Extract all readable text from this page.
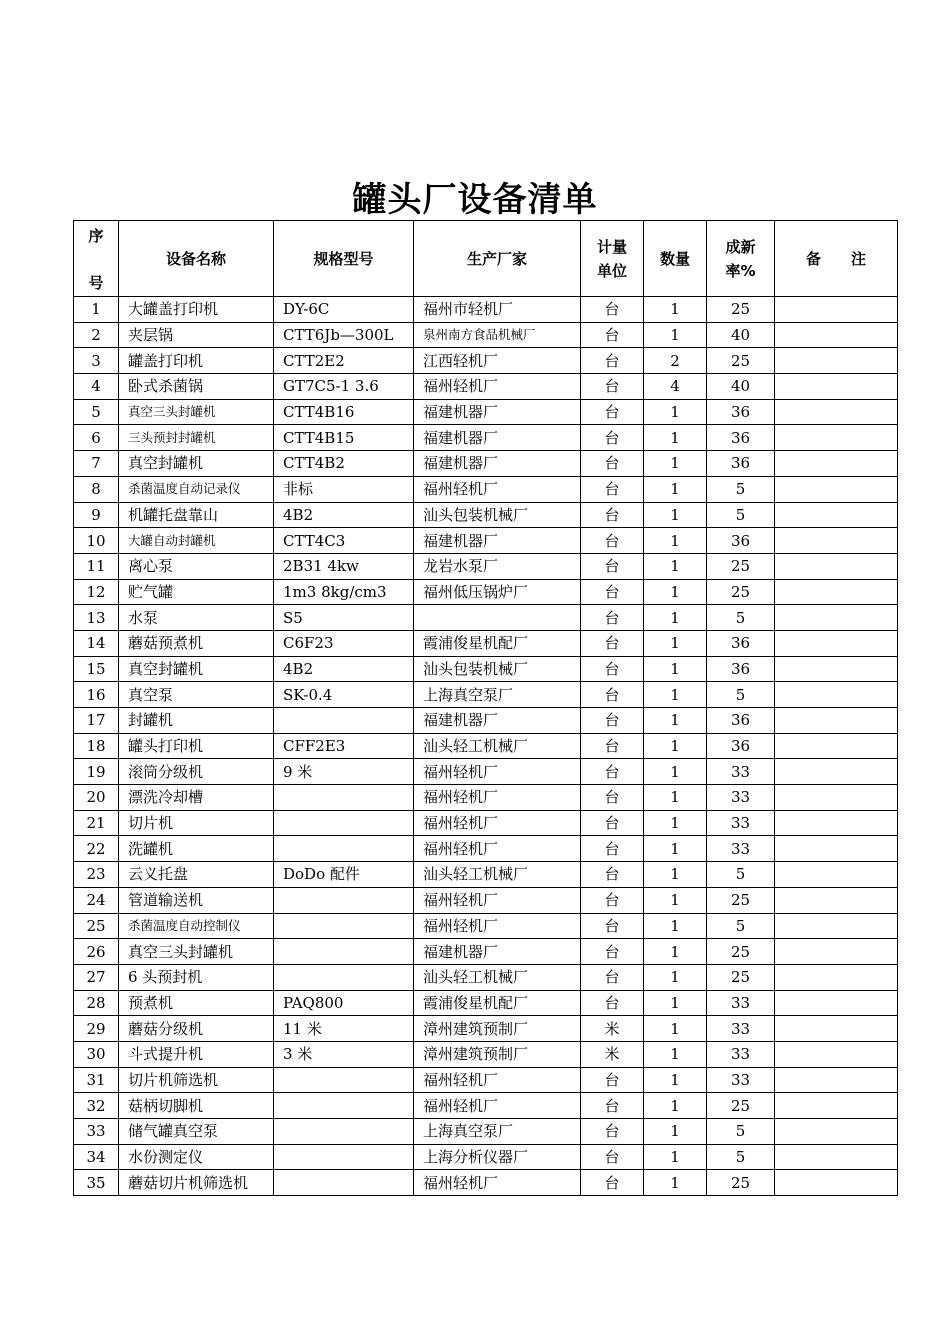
罐头厂设备清单
序
号	设备名称	规格型号	生产厂家	计量单位	数量	成新率%	备　　注
1	大罐盖打印机	DY-6C	福州市轻机厂	台	1	25	
2	夹层锅	CTT6Jb—300L	泉州南方食品机械厂	台	1	40	
3	罐盖打印机	CTT2E2	江西轻机厂	台	2	25	
4	卧式杀菌锅	GT7C5-1 3.6	福州轻机厂	台	4	40	
5	真空三头封罐机	CTT4B16	福建机器厂	台	1	36	
6	三头预封封罐机	CTT4B15	福建机器厂	台	1	36	
7	真空封罐机	CTT4B2	福建机器厂	台	1	36	
8	杀菌温度自动记录仪	非标	福州轻机厂	台	1	5	
9	机罐托盘靠山	4B2	汕头包装机械厂	台	1	5	
10	大罐自动封罐机	CTT4C3	福建机器厂	台	1	36	
11	离心泵	2B31 4kw	龙岩水泵厂	台	1	25	
12	贮气罐	1m3 8kg/cm3	福州低压锅炉厂	台	1	25	
13	水泵	S5		台	1	5	
14	蘑菇预煮机	C6F23	霞浦俊星机配厂	台	1	36	
15	真空封罐机	4B2	汕头包装机械厂	台	1	36	
16	真空泵	SK-0.4	上海真空泵厂	台	1	5	
17	封罐机		福建机器厂	台	1	36	
18	罐头打印机	CFF2E3	汕头轻工机械厂	台	1	36	
19	滚筒分级机	9 米	福州轻机厂	台	1	33	
20	漂洗冷却槽		福州轻机厂	台	1	33	
21	切片机		福州轻机厂	台	1	33	
22	洗罐机		福州轻机厂	台	1	33	
23	云义托盘	DoDo 配件	汕头轻工机械厂	台	1	5	
24	管道输送机		福州轻机厂	台	1	25	
25	杀菌温度自动控制仪		福州轻机厂	台	1	5	
26	真空三头封罐机		福建机器厂	台	1	25	
27	6 头预封机		汕头轻工机械厂	台	1	25	
28	预煮机	PAQ800	霞浦俊星机配厂	台	1	33	
29	蘑菇分级机	11 米	漳州建筑预制厂	米	1	33	
30	斗式提升机	3 米	漳州建筑预制厂	米	1	33	
31	切片机筛选机		福州轻机厂	台	1	33	
32	菇柄切脚机		福州轻机厂	台	1	25	
33	储气罐真空泵		上海真空泵厂	台	1	5	
34	水份测定仪		上海分析仪器厂	台	1	5	
35	蘑菇切片机筛选机		福州轻机厂	台	1	25	
